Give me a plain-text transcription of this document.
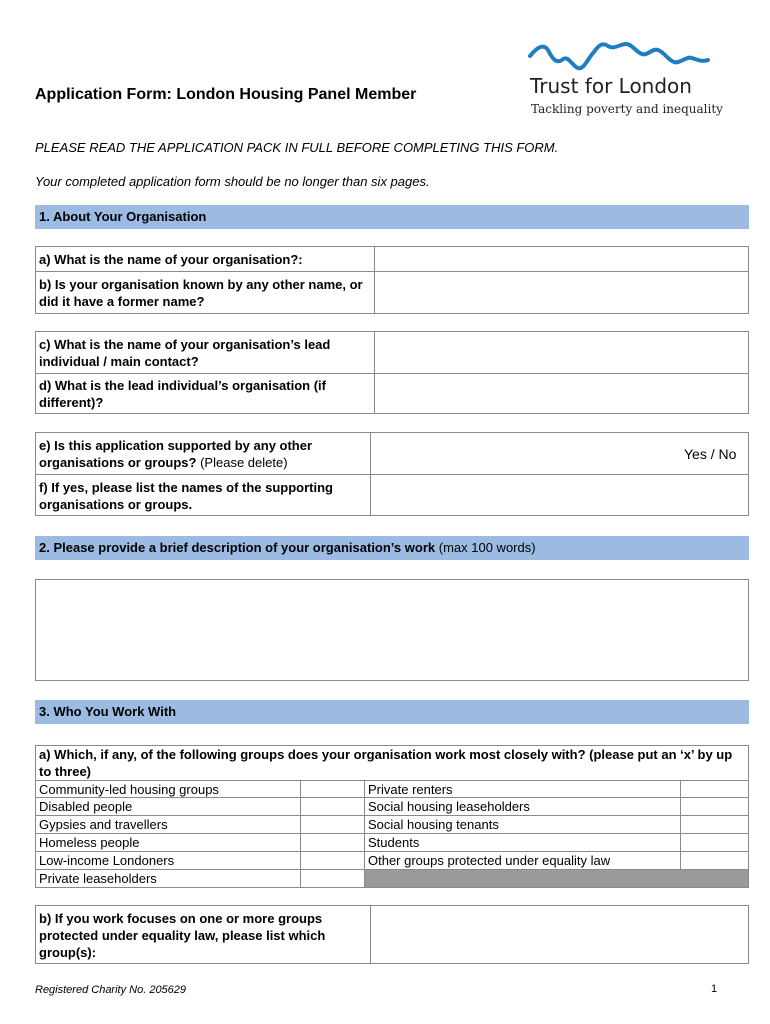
Application Form: London Housing Panel Member	Trust for London
Tackling poverty and inequality
PLEASE READ THE APPLICATION PACK IN FULL BEFORE COMPLETING THIS FORM.
Your completed application form should be no longer than six pages.
1. About Your Organisation
a) What is the name of your organisation?:
b) Is your organisation known by any other name, or did it have a former name?
c) What is the name of your organisation’s lead individual / main contact?
d) What is the lead individual’s organisation (if different)?
e) Is this application supported by any other organisations or groups? (Please delete)
Yes / No
f) If yes, please list the names of the supporting organisations or groups.
2. Please provide a brief description of your organisation’s work (max 100 words)
3. Who You Work With
a) Which, if any, of the following groups does your organisation work most closely with? (please put an ‘x’ by up to three)
Community-led housing groups
Disabled people
Gypsies and travellers
Homeless people
Low-income Londoners
Private leaseholders
Private renters
Social housing leaseholders
Social housing tenants
Students
Other groups protected under equality law
b) If you work focuses on one or more groups protected under equality law, please list which group(s):
Registered Charity No. 205629	1
